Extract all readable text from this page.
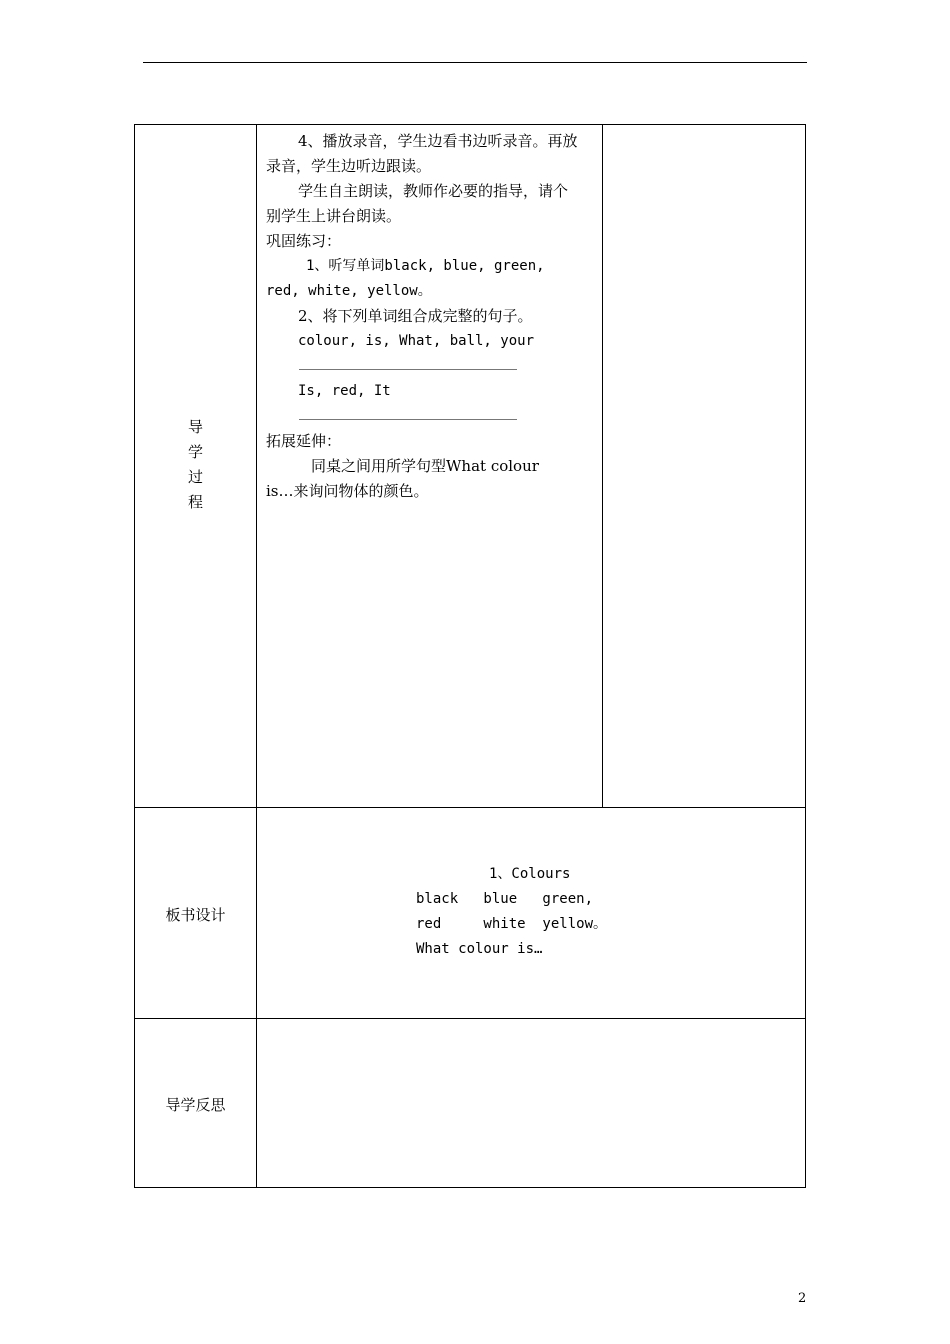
导
学
过
程
4、播放录音，学生边看书边听录音。再放
录音，学生边听边跟读。
学生自主朗读，教师作必要的指导，请个
别学生上讲台朗读。
巩固练习：
1、听写单词black, blue, green,
red, white, yellow。
2、将下列单词组合成完整的句子。
colour, is, What, ball, your
Is, red, It
拓展延伸：
同桌之间用所学句型What colour
is…来询问物体的颜色。
板书设计
1、Colours
black   blue   green,
red     white  yellow。
What colour is…
导学反思
2
